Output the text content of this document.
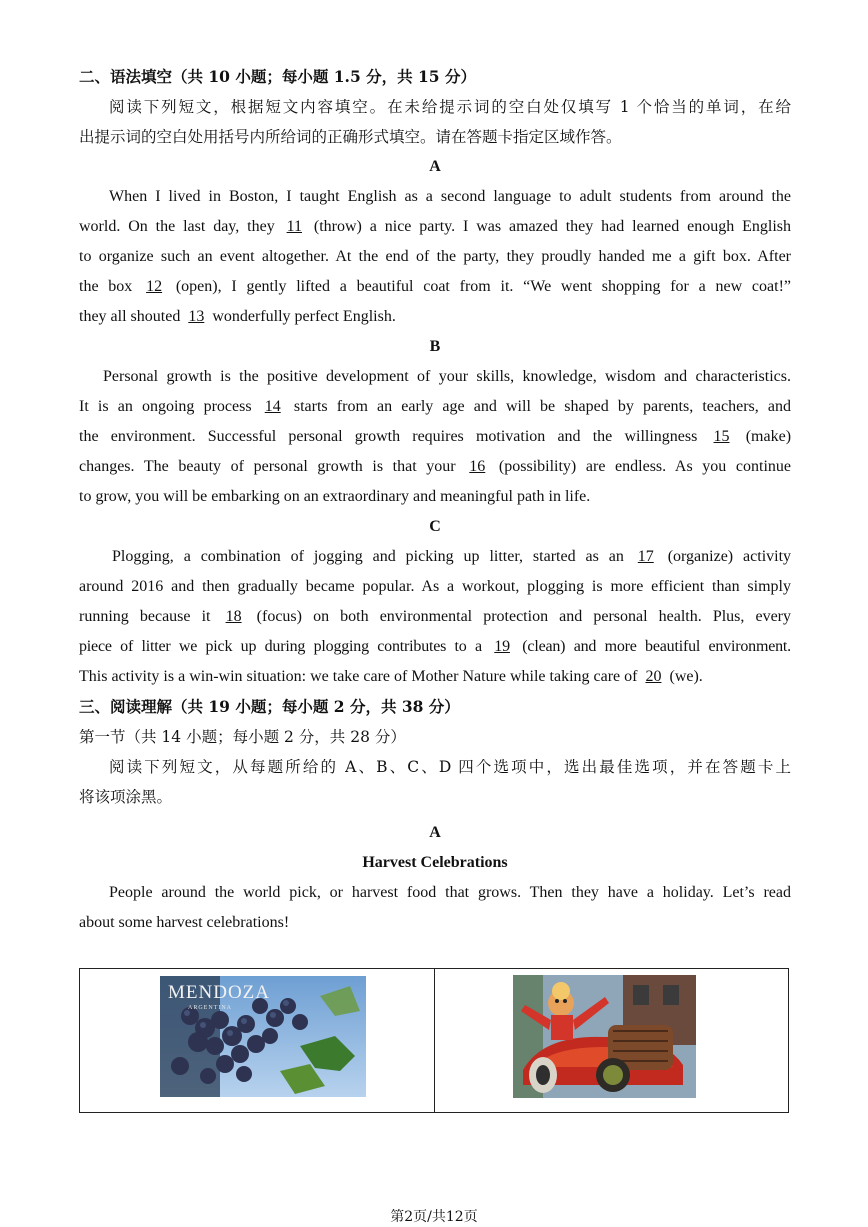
二、语法填空（共 10 小题；每小题 1.5 分，共 15 分）
阅读下列短文，根据短文内容填空。在未给提示词的空白处仅填写 1 个恰当的单词，在给
出提示词的空白处用括号内所给词的正确形式填空。请在答题卡指定区域作答。
A
When I lived in Boston, I taught English as a second language to adult students from around the
world. On the last day, they 11 (throw) a nice party. I was amazed they had learned enough English
to organize such an event altogether. At the end of the party, they proudly handed me a gift box. After
the box 12 (open), I gently lifted a beautiful coat from it. “We went shopping for a new coat!”
they all shouted 13 wonderfully perfect English.
B
Personal growth is the positive development of your skills, knowledge, wisdom and characteristics.
It is an ongoing process 14 starts from an early age and will be shaped by parents, teachers, and
the environment. Successful personal growth requires motivation and the willingness 15 (make)
changes. The beauty of personal growth is that your 16 (possibility) are endless. As you continue
to grow, you will be embarking on an extraordinary and meaningful path in life.
C
Plogging, a combination of jogging and picking up litter, started as an 17 (organize) activity
around 2016 and then gradually became popular. As a workout, plogging is more efficient than simply
running because it 18 (focus) on both environmental protection and personal health. Plus, every
piece of litter we pick up during plogging contributes to a 19 (clean) and more beautiful environment.
This activity is a win-win situation: we take care of Mother Nature while taking care of 20 (we).
三、阅读理解（共 19 小题；每小题 2 分，共 38 分）
第一节（共 14 小题；每小题 2 分，共 28 分）
阅读下列短文，从每题所给的 A、B、C、D 四个选项中，选出最佳选项，并在答题卡上
将该项涂黑。
A
Harvest Celebrations
People around the world pick, or harvest food that grows. Then they have a holiday. Let’s read
about some harvest celebrations!
MENDOZA
ARGENTINA
第2页/共12页
